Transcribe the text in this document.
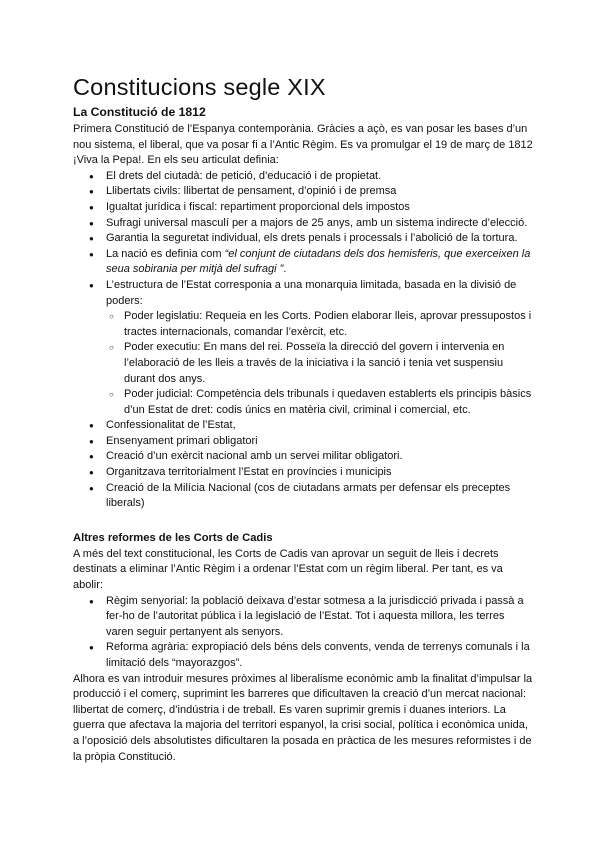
Constitucions segle XIX
La Constitució de 1812

Primera Constitució de l’Espanya contemporània. Gràcies a açò, es van posar les bases d’un nou sistema, el liberal, que va posar fi a l’Antic Règim. Es va promulgar el 19 de març de 1812 ¡Viva la Pepa!. En els seu articulat definia:

● El drets del ciutadà: de petició, d’educació i de propietat.
● Llibertats civils: llibertat de pensament, d’opinió i de premsa
● Igualtat jurídica i fiscal: repartiment proporcional dels impostos
● Sufragi universal masculí per a majors de 25 anys, amb un sistema indirecte d’elecció.
● Garantia la seguretat individual, els drets penals i processals i l’abolició de la tortura.
● La nació es definia com “el conjunt de ciutadans dels dos hemisferis, que exerceixen la seua sobirania per mitjà del sufragi ”.
● L’estructura de l’Estat corresponia a una monarquia limitada, basada en la divisió de poders:
○ Poder legislatiu: Requeia en les Corts. Podien elaborar lleis, aprovar pressupostos i tractes internacionals, comandar l’exèrcit, etc.
○ Poder executiu: En mans del rei. Posseïa la direcció del govern i intervenia en l’elaboració de les lleis a través de la iniciativa i la sanció i tenia vet suspensiu durant dos anys.
○ Poder judicial: Competència dels tribunals i quedaven establerts els principis bàsics d’un Estat de dret: codis únics en matèria civil, criminal i comercial, etc.
● Confessionalitat de l’Estat,
● Ensenyament primari obligatori
● Creació d’un exèrcit nacional amb un servei militar obligatori.
● Organitzava territorialment l’Estat en províncies i municipis
● Creació de la Milícia Nacional (cos de ciutadans armats per defensar els preceptes liberals)
Altres reformes de les Corts de Cadis

A més del text constitucional, les Corts de Cadis van aprovar un seguit de lleis i decrets destinats a eliminar l’Antic Règim i a ordenar l’Estat com un règim liberal. Per tant, es va abolir:

● Règim senyorial: la població deixava d’estar sotmesa a la jurisdicció privada i passà a fer-ho de l’autoritat pública i la legislació de l’Estat. Tot i aquesta millora, les terres varen seguir pertanyent als senyors.
● Reforma agrària: expropiació dels béns dels convents, venda de terrenys comunals i la limitació dels “mayorazgos”.

Alhora es van introduir mesures pròximes al liberalisme econòmic amb la finalitat d’impulsar la producció i el comerç, suprimint les barreres que dificultaven la creació d’un mercat nacional: llibertat de comerç, d’indústria i de treball. Es varen suprimir gremis i duanes interiors. La guerra que afectava la majoria del territori espanyol, la crisi social, política i econòmica unida, a l’oposició dels absolutistes dificultaren la posada en pràctica de les mesures reformistes i de la pròpia Constitució.
